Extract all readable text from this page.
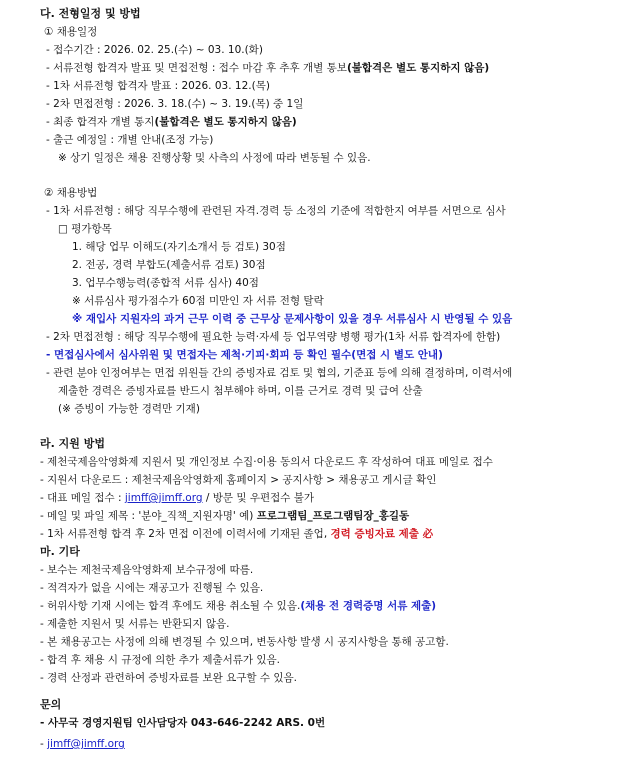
다. 전형일정 및 방법
① 채용일정
- 접수기간 : 2026. 02. 25.(수) ~ 03. 10.(화)
- 서류전형 합격자 발표 및 면접전형 : 접수 마감 후 추후 개별 통보(불합격은 별도 통지하지 않음)
- 1차 서류전형 합격자 발표 : 2026. 03. 12.(목)
- 2차 면접전형 : 2026. 3. 18.(수) ~ 3. 19.(목) 중 1일
- 최종 합격자 개별 통지(불합격은 별도 통지하지 않음)
- 출근 예정일 : 개별 안내(조정 가능)
※ 상기 일정은 채용 진행상황 및 사측의 사정에 따라 변동될 수 있음.
② 채용방법
- 1차 서류전형 : 해당 직무수행에 관련된 자격.경력 등 소정의 기준에 적합한지 여부를 서면으로 심사
□ 평가항목
1. 해당 업무 이해도(자기소개서 등 검토) 30점
2. 전공, 경력 부합도(제출서류 검토) 30점
3. 업무수행능력(종합적 서류 심사) 40점
※ 서류심사 평가점수가 60점 미만인 자 서류 전형 탈락
※ 재입사 지원자의 과거 근무 이력 중 근무상 문제사항이 있을 경우 서류심사 시 반영될 수 있음
- 2차 면접전형 : 해당 직무수행에 필요한 능력·자세 등 업무역량 병행 평가(1차 서류 합격자에 한함)
- 면접심사에서 심사위원 및 면접자는 제척·기피·회피 등 확인 필수(면접 시 별도 안내)
- 관련 분야 인정여부는 면접 위원들 간의 증빙자료 검토 및 협의, 기준표 등에 의해 결정하며, 이력서에
제출한 경력은 증빙자료를 반드시 첨부해야 하며, 이를 근거로 경력 및 급여 산출
(※ 증빙이 가능한 경력만 기재)
라. 지원 방법
- 제천국제음악영화제 지원서 및 개인정보 수집·이용 동의서 다운로드 후 작성하여 대표 메일로 접수
- 지원서 다운로드 : 제천국제음악영화제 홈페이지 > 공지사항 > 채용공고 게시글 확인
- 대표 메일 접수 : jimff@jimff.org / 방문 및 우편접수 불가
- 메일 및 파일 제목 : '분야_직책_지원자명' 예) 프로그램팀_프로그램팀장_홍길동
- 1차 서류전형 합격 후 2차 면접 이전에 이력서에 기재된 졸업, 경력 증빙자료 제출 必
마. 기타
- 보수는 제천국제음악영화제 보수규정에 따름.
- 적격자가 없을 시에는 재공고가 진행될 수 있음.
- 허위사항 기재 시에는 합격 후에도 채용 취소될 수 있음.(채용 전 경력증명 서류 제출)
- 제출한 지원서 및 서류는 반환되지 않음.
- 본 채용공고는 사정에 의해 변경될 수 있으며, 변동사항 발생 시 공지사항을 통해 공고함.
- 합격 후 채용 시 규정에 의한 추가 제출서류가 있음.
- 경력 산정과 관련하여 증빙자료를 보완 요구할 수 있음.
문의
- 사무국 경영지원팀 인사담당자 043-646-2242 ARS. 0번
- jimff@jimff.org
